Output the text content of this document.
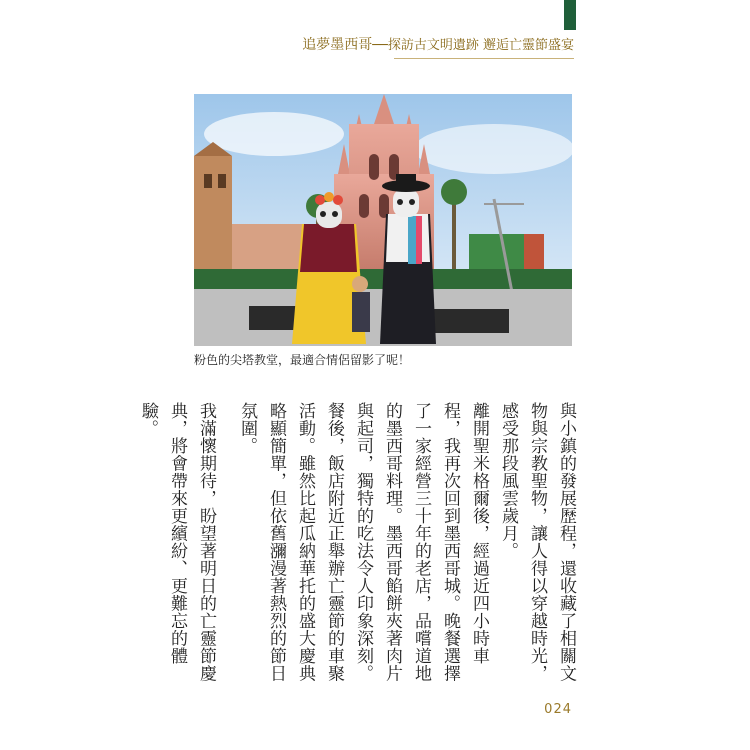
追夢墨西哥──探訪古文明遺跡 邂逅亡靈節盛宴
粉色的尖塔教堂，最適合情侶留影了呢！

與小鎮的發展歷程，還收藏了相關文物與宗教聖物，讓人得以穿越時光，感受那段風雲歲月。

離開聖米格爾後，經過近四小時車程，我再次回到墨西哥城。晚餐選擇了一家經營三十年的老店，品嚐道地的墨西哥料理。墨西哥餡餅夾著肉片與起司，獨特的吃法令人印象深刻。餐後，飯店附近正舉辦亡靈節的車聚活動。雖然比起瓜納華托的盛大慶典略顯簡單，但依舊瀰漫著熱烈的節日氛圍。

我滿懷期待，盼望著明日的亡靈節慶典，將會帶來更繽紛、更難忘的體驗。

024
